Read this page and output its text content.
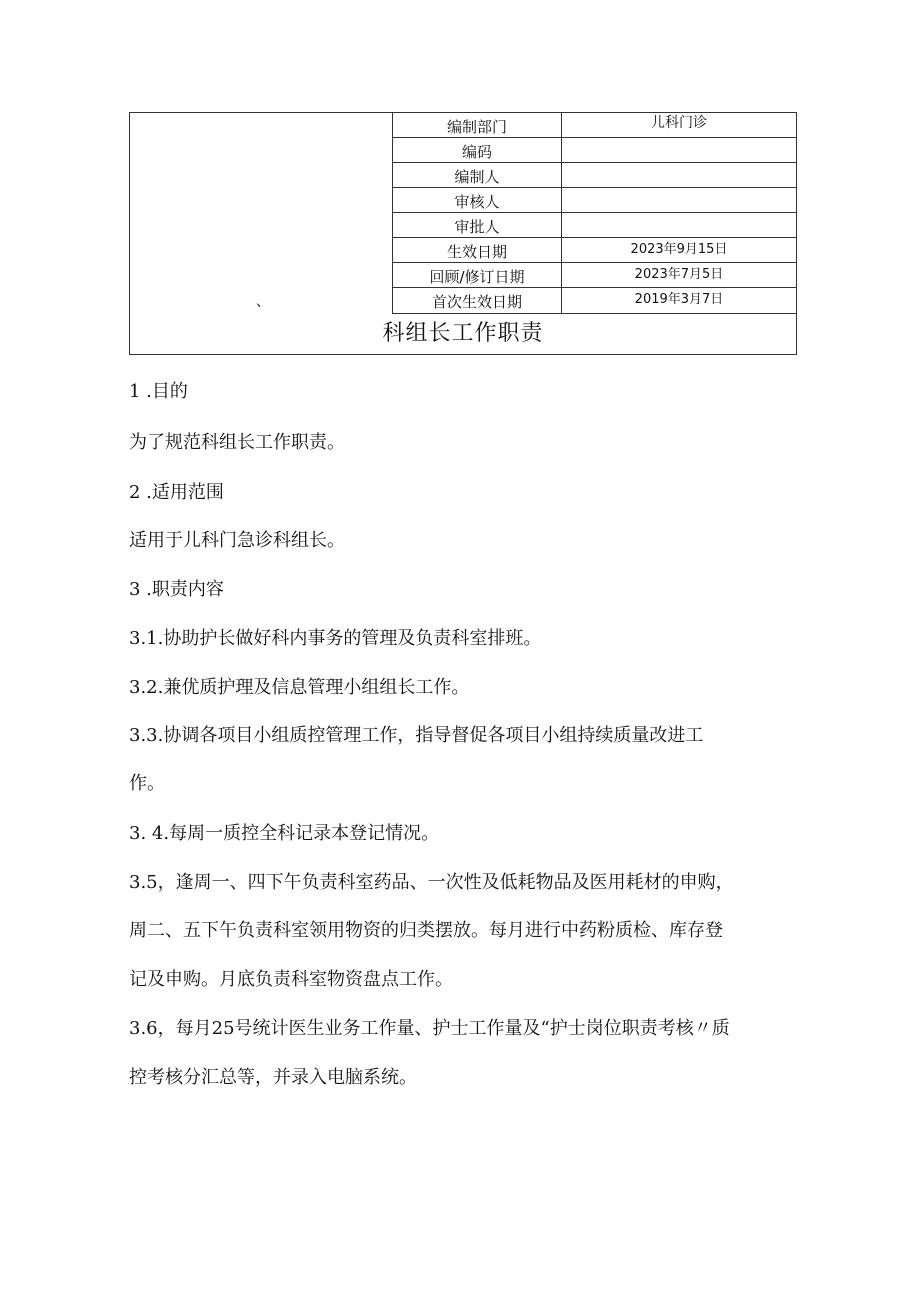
、
编制部门	儿科门诊
编码
编制人
审核人
审批人
生效日期	2023年9月15日
回顾/修订日期	2023年7月5日
首次生效日期	2019年3月7日
科组长工作职责
1 .目的
为了规范科组长工作职责。
2 .适用范围
适用于儿科门急诊科组长。
3 .职责内容
3.1.协助护长做好科内事务的管理及负责科室排班。
3.2.兼优质护理及信息管理小组组长工作。
3.3.协调各项目小组质控管理工作，指导督促各项目小组持续质量改进工
作。
3. 4.每周一质控全科记录本登记情况。
3.5，逢周一、四下午负责科室药品、一次性及低耗物品及医用耗材的申购，
周二、五下午负责科室领用物资的归类摆放。每月进行中药粉质检、库存登
记及申购。月底负责科室物资盘点工作。
3.6，每月25号统计医生业务工作量、护士工作量及“护士岗位职责考核〃质
控考核分汇总等，并录入电脑系统。
